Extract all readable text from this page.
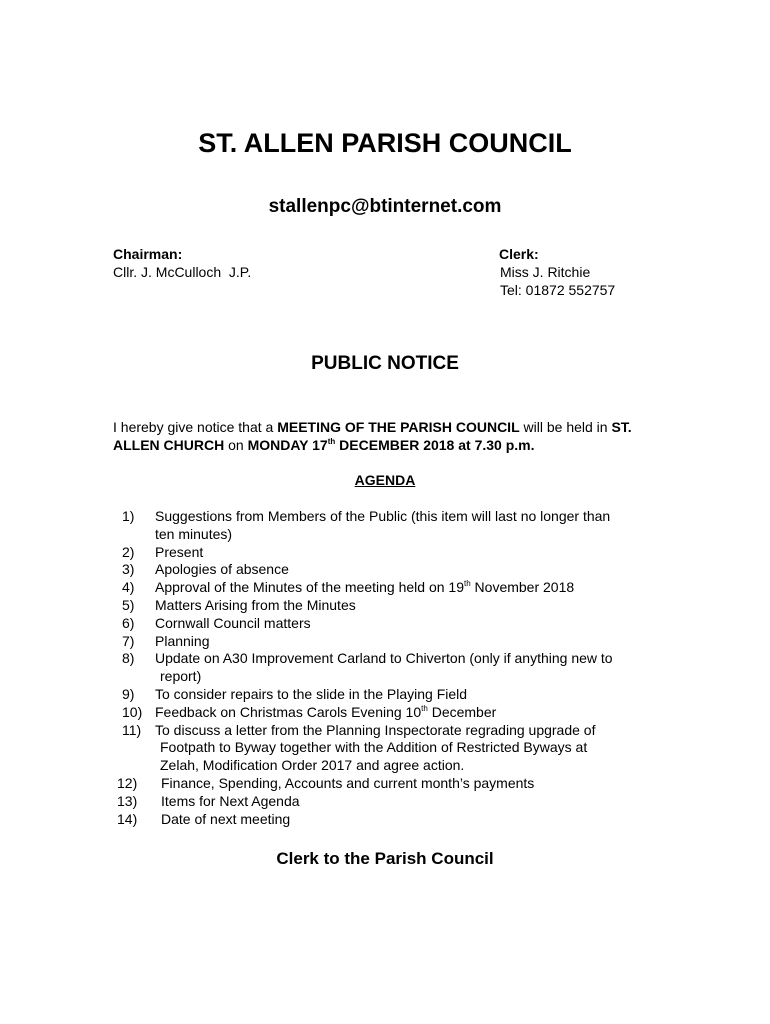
ST. ALLEN PARISH COUNCIL
stallenpc@btinternet.com
Chairman:
Cllr. J. McCulloch  J.P.
Clerk:
Miss J. Ritchie
Tel: 01872 552757
PUBLIC NOTICE
I hereby give notice that a MEETING OF THE PARISH COUNCIL will be held in ST. ALLEN CHURCH on MONDAY 17th DECEMBER 2018 at 7.30 p.m.
AGENDA
1) Suggestions from Members of the Public (this item will last no longer than
ten minutes)
2) Present
3) Apologies of absence
4) Approval of the Minutes of the meeting held on 19th November 2018
5) Matters Arising from the Minutes
6) Cornwall Council matters
7) Planning
8) Update on A30 Improvement Carland to Chiverton (only if anything new to
report)
9) To consider repairs to the slide in the Playing Field
10) Feedback on Christmas Carols Evening 10th December
11) To discuss a letter from the Planning Inspectorate regrading upgrade of
Footpath to Byway together with the Addition of Restricted Byways at
Zelah, Modification Order 2017 and agree action.
12) Finance, Spending, Accounts and current month’s payments
13) Items for Next Agenda
14) Date of next meeting
Clerk to the Parish Council
